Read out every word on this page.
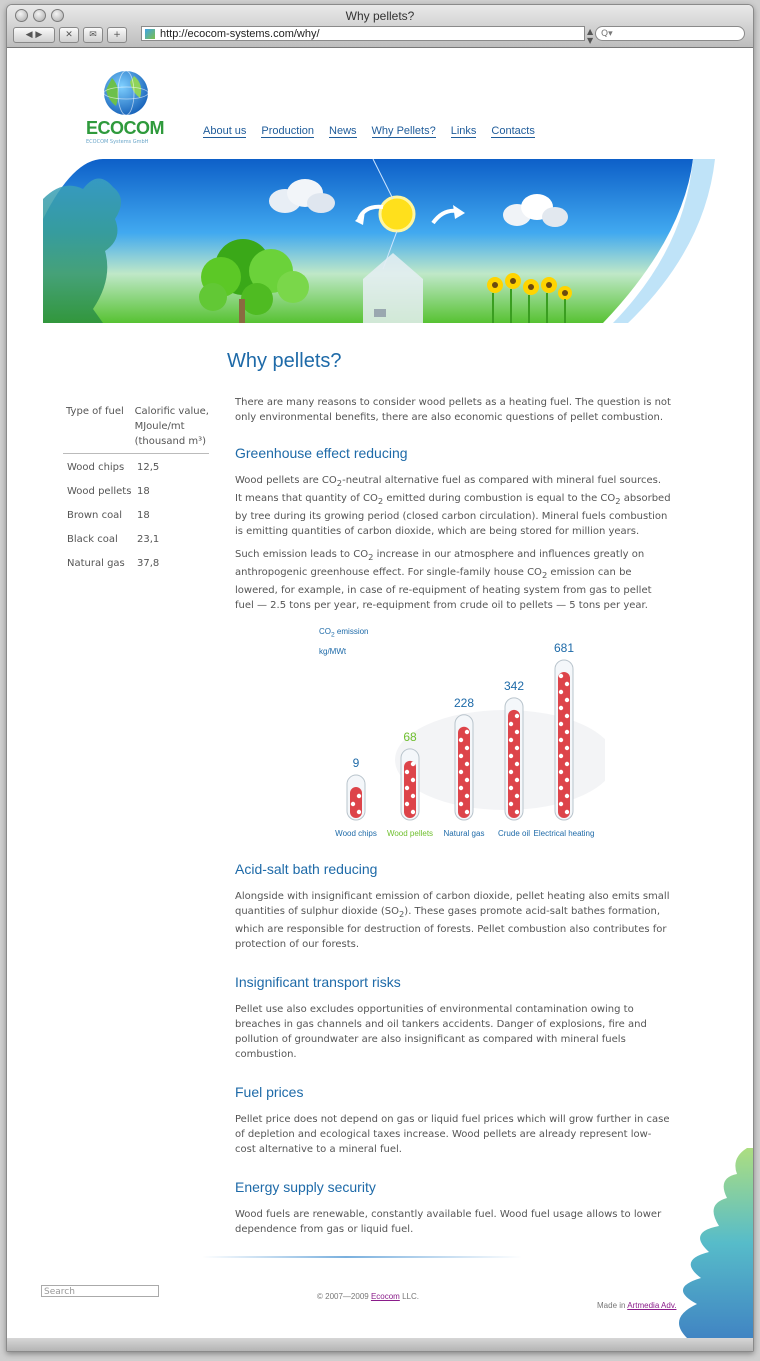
Why pellets?
◀ ▶	✕	✉	+	http://ecocom-systems.com/why/	▲
▼
Q▾
ECOCOM
ECOCOM Systems GmbH
About us Production News Why Pellets? Links Contacts
Why pellets?
Type of fuel	Calorific value, MJoule/mt (thousand m³)
Wood chips	12,5
Wood pellets 18
Brown coal	18
Black coal	23,1
Natural gas	37,8

There are many reasons to consider wood pellets as a heating fuel. The question is not only environmental benefits, there are also economic questions of pellet combustion.

Greenhouse effect reducing

Wood pellets are $CO_2$-neutral alternative fuel as compared with mineral fuel sources. It means that quantity of $CO_2$ emitted during combustion is equal to the $CO_2$ absorbed by tree during its growing period (closed carbon circulation). Mineral fuels combustion is emitting quantities of carbon dioxide, which are being stored for million years.

Such emission leads to $CO_2$ increase in our atmosphere and influences greatly on anthropogenic greenhouse effect. For single-family house $CO_2$ emission can be lowered, for example, in case of re-equipment of heating system from gas to pellet fuel — 2.5 tons per year, re-equipment from crude oil to pellets — 5 tons per year.

Acid-salt bath reducing

Alongside with insignificant emission of carbon dioxide, pellet heating also emits small quantities of sulphur dioxide $(SO_2)$. These gases promote acid-salt bathes formation, which are responsible for destruction of forests. Pellet combustion also contributes for protection of our forests.

Insignificant transport risks

Pellet use also excludes opportunities of environmental contamination owing to breaches in gas channels and oil tankers accidents. Danger of explosions, fire and pollution of groundwater are also insignificant as compared with mineral fuels combustion.

Fuel prices

Pellet price does not depend on gas or liquid fuel prices which will grow further in case of depletion and ecological taxes increase. Wood pellets are already represent low-cost alternative to a mineral fuel.

Energy supply security

Wood fuels are renewable, constantly available fuel. Wood fuel usage allows to lower dependence from gas or liquid fuel.

$CO_2$ emission
kg/MWt
9
Wood chips
68
Wood pellets
228
Natural gas
342
Crude oil
681
Electrical heating
Search	© 2007—2009 Ecocom LLC.
Made in Artmedia Adv.
